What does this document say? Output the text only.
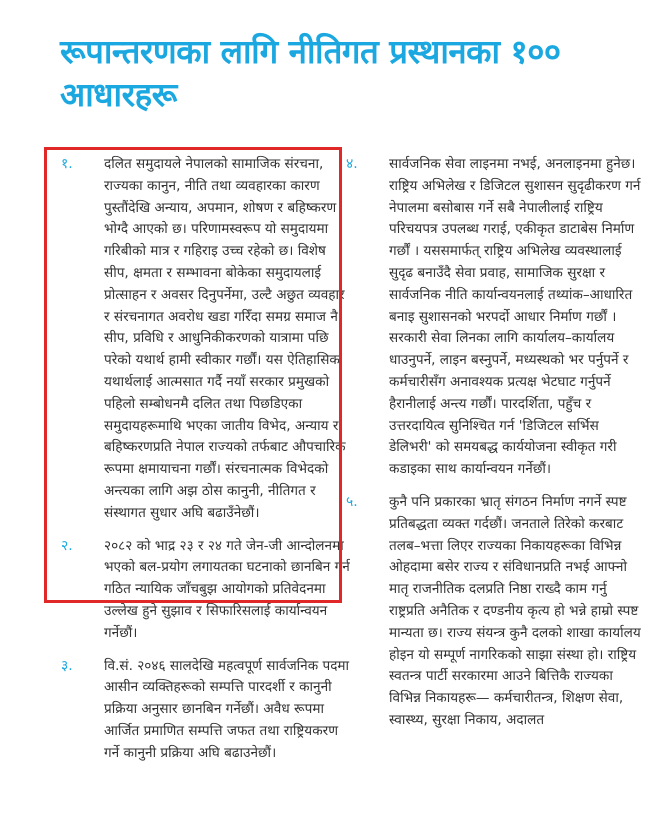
रूपान्तरणका लागि नीतिगत प्रस्थानका १०० आधारहरू
१. दलित समुदायले नेपालको सामाजिक संरचना, राज्यका कानुन, नीति तथा व्यवहारका कारण पुस्तौंदेखि अन्याय, अपमान, शोषण र बहिष्करण भोग्दै आएको छ। परिणामस्वरूप यो समुदायमा गरिबीको मात्र र गहिराइ उच्च रहेको छ। विशेष सीप, क्षमता र सम्भावना बोकेका समुदायलाई प्रोत्साहन र अवसर दिनुपर्नेमा, उल्टै अछुत व्यवहार र संरचनागत अवरोध खडा गरिँदा समग्र समाज नै सीप, प्रविधि र आधुनिकीकरणको यात्रामा पछि परेको यथार्थ हामी स्वीकार गर्छौं। यस ऐतिहासिक यथार्थलाई आत्मसात गर्दै नयाँ सरकार प्रमुखको पहिलो सम्बोधनमै दलित तथा पिछडिएका समुदायहरूमाथि भएका जातीय विभेद, अन्याय र बहिष्करणप्रति नेपाल राज्यको तर्फबाट औपचारिक रूपमा क्षमायाचना गर्छौं। संरचनात्मक विभेदको अन्त्यका लागि अझ ठोस कानुनी, नीतिगत र संस्थागत सुधार अघि बढाउँनेछौं।

२. २०८२ को भाद्र २३ र २४ गते जेन-जी आन्दोलनमा भएको बल-प्रयोग लगायतका घटनाको छानबिन गर्न गठित न्यायिक जाँचबुझ आयोगको प्रतिवेदनमा उल्लेख हुने सुझाव र सिफारिसलाई कार्यान्वयन गर्नेछौं।

३. वि.सं. २०४६ सालदेखि महत्वपूर्ण सार्वजनिक पदमा आसीन व्यक्तिहरूको सम्पत्ति पारदर्शी र कानुनी प्रक्रिया अनुसार छानबिन गर्नेछौं। अवैध रूपमा आर्जित प्रमाणित सम्पत्ति जफत तथा राष्ट्रियकरण गर्ने कानुनी प्रक्रिया अघि बढाउनेछौं।

४. सार्वजनिक सेवा लाइनमा नभई, अनलाइनमा हुनेछ। राष्ट्रिय अभिलेख र डिजिटल सुशासन सुदृढीकरण गर्न नेपालमा बसोबास गर्ने सबै नेपालीलाई राष्ट्रिय परिचयपत्र उपलब्ध गराई, एकीकृत डाटाबेस निर्माण गर्छौं । यससमार्फत् राष्ट्रिय अभिलेख व्यवस्थालाई सुदृढ बनाउँदै सेवा प्रवाह, सामाजिक सुरक्षा र सार्वजनिक नीति कार्यान्वयनलाई तथ्यांक–आधारित बनाइ सुशासनको भरपर्दो आधार निर्माण गर्छौं । सरकारी सेवा लिनका लागि कार्यालय–कार्यालय धाउनुपर्ने, लाइन बस्नुपर्ने, मध्यस्थको भर पर्नुपर्ने र कर्मचारीसँग अनावश्यक प्रत्यक्ष भेटघाट गर्नुपर्ने हैरानीलाई अन्त्य गर्छौं। पारदर्शिता, पहुँच र उत्तरदायित्व सुनिश्चित गर्न 'डिजिटल सर्भिस डेलिभरी' को समयबद्ध कार्ययोजना स्वीकृत गरी कडाइका साथ कार्यान्वयन गर्नेछौं।

५. कुनै पनि प्रकारका भ्रातृ संगठन निर्माण नगर्ने स्पष्ट प्रतिबद्धता व्यक्त गर्दछौं। जनताले तिरेको करबाट तलब–भत्ता लिएर राज्यका निकायहरूका विभिन्न ओहदामा बसेर राज्य र संविधानप्रति नभई आफ्नो मातृ राजनीतिक दलप्रति निष्ठा राख्दै काम गर्नु राष्ट्रप्रति अनैतिक र दण्डनीय कृत्य हो भन्ने हाम्रो स्पष्ट मान्यता छ। राज्य संयन्त्र कुनै दलको शाखा कार्यालय होइन यो सम्पूर्ण नागरिकको साझा संस्था हो। राष्ट्रिय स्वतन्त्र पार्टी सरकारमा आउने बित्तिकै राज्यका विभिन्न निकायहरू— कर्मचारीतन्त्र, शिक्षण सेवा, स्वास्थ्य, सुरक्षा निकाय, अदालत
